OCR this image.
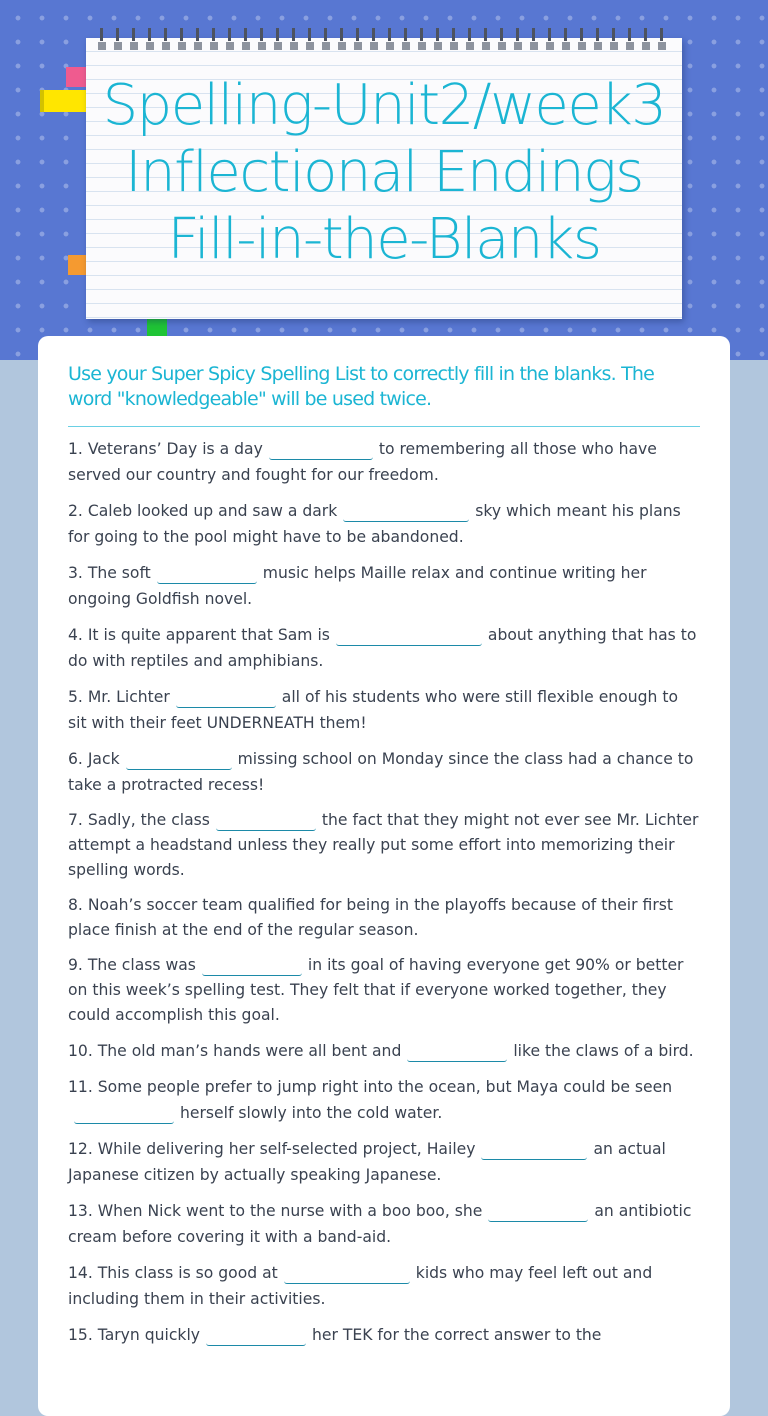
Spelling-Unit2/week3
Inflectional Endings
Fill-in-the-Blanks

Use your Super Spicy Spelling List to correctly fill in the blanks. The word "knowledgeable" will be used twice.

1. Veterans’ Day is a day	to remembering all those who have served our country and fought for our freedom.

2. Caleb looked up and saw a dark	sky which meant his plans for going to the pool might have to be abandoned.

3. The soft	music helps Maille relax and continue writing her ongoing Goldfish novel.

4. It is quite apparent that Sam is	about anything that has to do with reptiles and amphibians.

5. Mr. Lichter	all of his students who were still flexible enough to sit with their feet UNDERNEATH them!

6. Jack	missing school on Monday since the class had a chance to take a protracted recess!

7. Sadly, the class	the fact that they might not ever see Mr. Lichter attempt a headstand unless they really put some effort into memorizing their spelling words.

8. Noah’s soccer team qualified for being in the playoffs because of their first place finish at the end of the regular season.

9. The class was	in its goal of having everyone get 90% or better on this week’s spelling test. They felt that if everyone worked together, they could accomplish this goal.

10. The old man’s hands were all bent and	like the claws of a bird.

11. Some people prefer to jump right into the ocean, but Maya could be seenherself slowly into the cold water.

12. While delivering her self-selected project, Hailey	an actual Japanese citizen by actually speaking Japanese.

13. When Nick went to the nurse with a boo boo, she	an antibiotic cream before covering it with a band-aid.

14. This class is so good at	kids who may feel left out and including them in their activities.

15. Taryn quickly	her TEK for the correct answer to the
